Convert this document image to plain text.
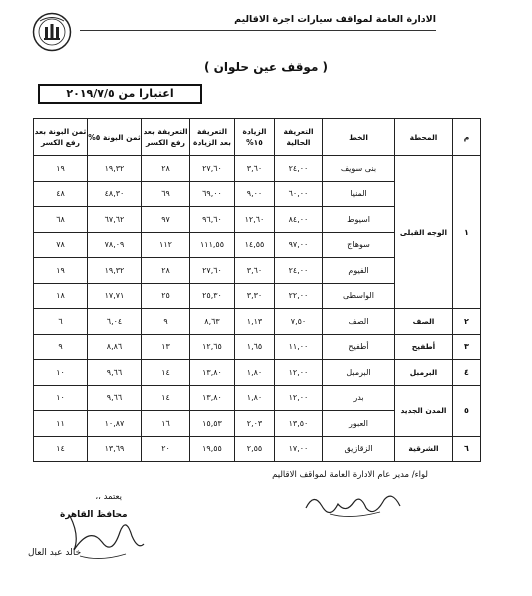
الادارة العامة لمواقف سيارات اجرة الاقاليم
( موقف عين حلوان )
اعتبارا من ٢٠١٩/٧/٥
م	المحطة	الخط	التعريفة الحالية	الزيادة ١٥%	التعريفة بعد الزيادة	التعريفة بعد رفع الكسر	ثمن البونة ٥%	ثمن البونة بعد رفع الكسر
١	الوجه القبلى	بنى سويف	٢٤,٠٠	٣,٦٠	٢٧,٦٠	٢٨	١٩,٣٢	١٩
		المنيا	٦٠,٠٠	٩,٠٠	٦٩,٠٠	٦٩	٤٨,٣٠	٤٨
		اسيوط	٨٤,٠٠	١٢,٦٠	٩٦,٦٠	٩٧	٦٧,٦٢	٦٨
		سوهاج	٩٧,٠٠	١٤,٥٥	١١١,٥٥	١١٢	٧٨,٠٩	٧٨
		الفيوم	٢٤,٠٠	٣,٦٠	٢٧,٦٠	٢٨	١٩,٣٢	١٩
		الواسطى	٢٢,٠٠	٣,٣٠	٢٥,٣٠	٢٥	١٧,٧١	١٨
٢	الصف	الصف	٧,٥٠	١,١٣	٨,٦٣	٩	٦,٠٤	٦
٣	أطفيح	أطفيح	١١,٠٠	١,٦٥	١٢,٦٥	١٣	٨,٨٦	٩
٤	البرمبل	البرمبل	١٢,٠٠	١,٨٠	١٣,٨٠	١٤	٩,٦٦	١٠
٥	المدن الجديد	بدر	١٢,٠٠	١,٨٠	١٣,٨٠	١٤	٩,٦٦	١٠
		العبور	١٣,٥٠	٢,٠٣	١٥,٥٣	١٦	١٠,٨٧	١١
٦	الشرقية	الزقازيق	١٧,٠٠	٢,٥٥	١٩,٥٥	٢٠	١٣,٦٩	١٤
لواء/ مدير عام الادارة العامة لمواقف الاقاليم
يعتمد ،،
محافظ القاهرة
خالد عبد العال
